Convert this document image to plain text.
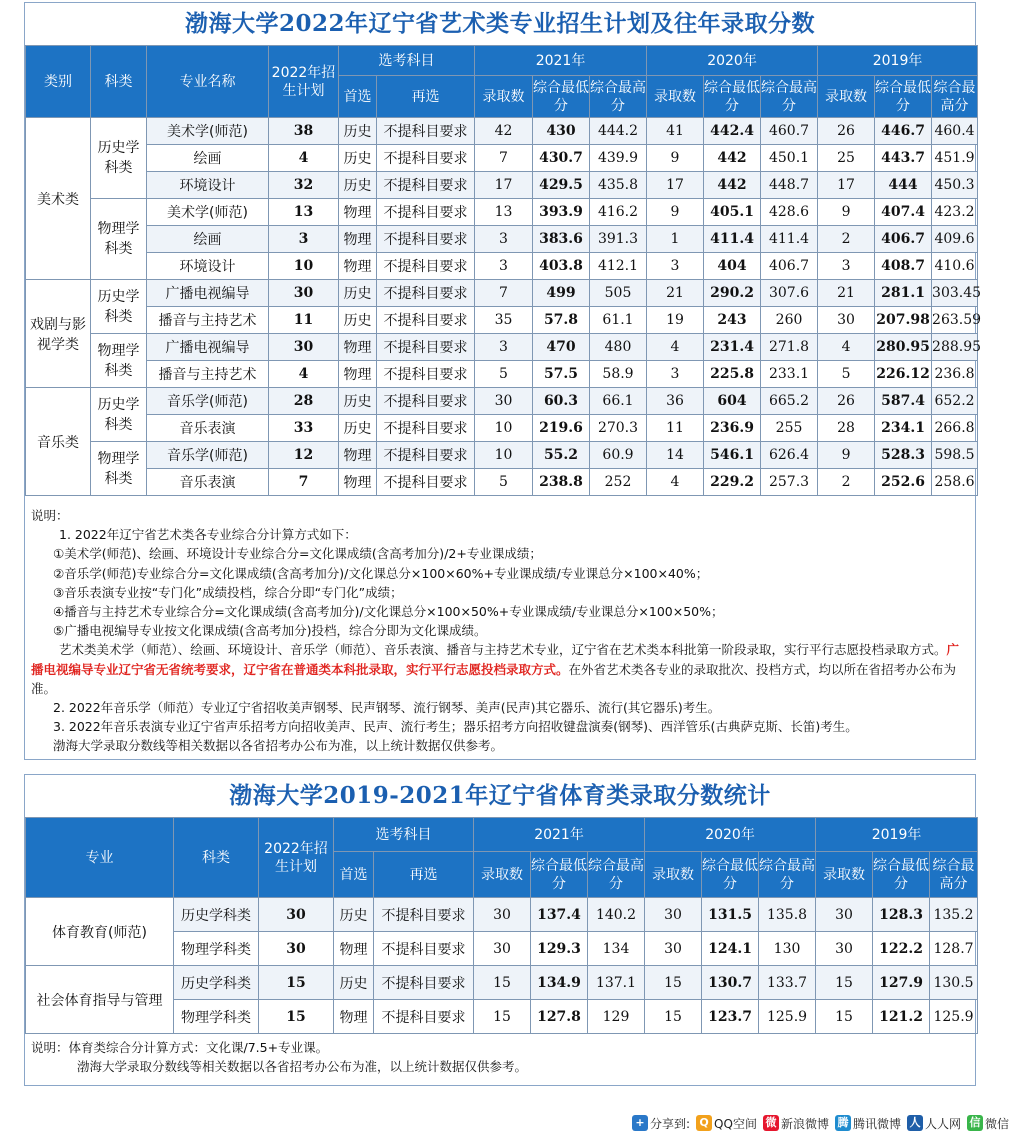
渤海大学2022年辽宁省艺术类专业招生计划及往年录取分数
类别	科类	专业名称	2022年招生计划	选考科目		2021年			2020年			2019年		
				首选	再选	录取数	综合最低分	综合最高分	录取数	综合最低分	综合最高分	录取数	综合最低分	综合最高分
美术类	历史学科类	美术学(师范)	38	历史	不提科目要求	42	430	444.2	41	442.4	460.7	26	446.7	460.4
		绘画	4	历史	不提科目要求	7	430.7	439.9	9	442	450.1	25	443.7	451.9
		环境设计	32	历史	不提科目要求	17	429.5	435.8	17	442	448.7	17	444	450.3
	物理学科类	美术学(师范)	13	物理	不提科目要求	13	393.9	416.2	9	405.1	428.6	9	407.4	423.2
		绘画	3	物理	不提科目要求	3	383.6	391.3	1	411.4	411.4	2	406.7	409.6
		环境设计	10	物理	不提科目要求	3	403.8	412.1	3	404	406.7	3	408.7	410.6
戏剧与影视学类	历史学科类	广播电视编导	30	历史	不提科目要求	7	499	505	21	290.2	307.6	21	281.1	303.45
		播音与主持艺术	11	历史	不提科目要求	35	57.8	61.1	19	243	260	30	207.98	263.59
	物理学科类	广播电视编导	30	物理	不提科目要求	3	470	480	4	231.4	271.8	4	280.95	288.95
		播音与主持艺术	4	物理	不提科目要求	5	57.5	58.9	3	225.8	233.1	5	226.12	236.8
音乐类	历史学科类	音乐学(师范)	28	历史	不提科目要求	30	60.3	66.1	36	604	665.2	26	587.4	652.2
		音乐表演	33	历史	不提科目要求	10	219.6	270.3	11	236.9	255	28	234.1	266.8
	物理学科类	音乐学(师范)	12	物理	不提科目要求	10	55.2	60.9	14	546.1	626.4	9	528.3	598.5
		音乐表演	7	物理	不提科目要求	5	238.8	252	4	229.2	257.3	2	252.6	258.6
说明：
1. 2022年辽宁省艺术类各专业综合分计算方式如下：
①美术学(师范)、绘画、环境设计专业综合分=文化课成绩(含高考加分)/2+专业课成绩；
②音乐学(师范)专业综合分=文化课成绩(含高考加分)/文化课总分×100×60%+专业课成绩/专业课总分×100×40%；
③音乐表演专业按“专门化”成绩投档，综合分即“专门化”成绩；
④播音与主持艺术专业综合分=文化课成绩(含高考加分)/文化课总分×100×50%+专业课成绩/专业课总分×100×50%；
⑤广播电视编导专业按文化课成绩(含高考加分)投档，综合分即为文化课成绩。
艺术类美术学（师范）、绘画、环境设计、音乐学（师范）、音乐表演、播音与主持艺术专业，辽宁省在艺术类本科批第一阶段录取，实行平行志愿投档录取方式。广播电视编导专业辽宁省无省统考要求，辽宁省在普通类本科批录取，实行平行志愿投档录取方式。在外省艺术类各专业的录取批次、投档方式，均以所在省招考办公布为准。
2. 2022年音乐学（师范）专业辽宁省招收美声钢琴、民声钢琴、流行钢琴、美声(民声)其它器乐、流行(其它器乐)考生。
3. 2022年音乐表演专业辽宁省声乐招考方向招收美声、民声、流行考生；器乐招考方向招收键盘演奏(钢琴)、西洋管乐(古典萨克斯、长笛)考生。
渤海大学录取分数线等相关数据以各省招考办公布为准，以上统计数据仅供参考。
渤海大学2019-2021年辽宁省体育类录取分数统计
专业	科类	2022年招生计划	选考科目		2021年			2020年			2019年		
			首选	再选	录取数	综合最低分	综合最高分	录取数	综合最低分	综合最高分	录取数	综合最低分	综合最高分
体育教育(师范)	历史学科类	30	历史	不提科目要求	30	137.4	140.2	30	131.5	135.8	30	128.3	135.2
	物理学科类	30	物理	不提科目要求	30	129.3	134	30	124.1	130	30	122.2	128.7
社会体育指导与管理	历史学科类	15	历史	不提科目要求	15	134.9	137.1	15	130.7	133.7	15	127.9	130.5
	物理学科类	15	物理	不提科目要求	15	127.8	129	15	123.7	125.9	15	121.2	125.9
说明：体育类综合分计算方式：文化课/7.5+专业课。
渤海大学录取分数线等相关数据以各省招考办公布为准，以上统计数据仅供参考。
+ 分享到: Q QQ空间 微 新浪微博 腾 腾讯微博 人 人人网 信 微信
